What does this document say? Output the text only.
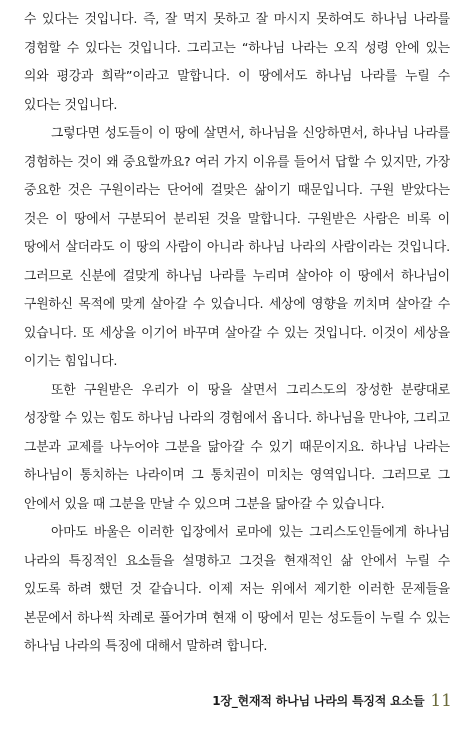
수 있다는 것입니다. 즉, 잘 먹지 못하고 잘 마시지 못하여도 하나님 나라를 경험할 수 있다는 것입니다. 그리고는 “하나님 나라는 오직 성령 안에 있는 의와 평강과 희락”이라고 말합니다. 이 땅에서도 하나님 나라를 누릴 수 있다는 것입니다.

그렇다면 성도들이 이 땅에 살면서, 하나님을 신앙하면서, 하나님 나라를 경험하는 것이 왜 중요할까요? 여러 가지 이유를 들어서 답할 수 있지만, 가장 중요한 것은 구원이라는 단어에 걸맞은 삶이기 때문입니다. 구원 받았다는 것은 이 땅에서 구분되어 분리된 것을 말합니다. 구원받은 사람은 비록 이 땅에서 살더라도 이 땅의 사람이 아니라 하나님 나라의 사람이라는 것입니다. 그러므로 신분에 걸맞게 하나님 나라를 누리며 살아야 이 땅에서 하나님이 구원하신 목적에 맞게 살아갈 수 있습니다. 세상에 영향을 끼치며 살아갈 수 있습니다. 또 세상을 이기어 바꾸며 살아갈 수 있는 것입니다. 이것이 세상을 이기는 힘입니다.

또한 구원받은 우리가 이 땅을 살면서 그리스도의 장성한 분량대로 성장할 수 있는 힘도 하나님 나라의 경험에서 옵니다. 하나님을 만나야, 그리고 그분과 교제를 나누어야 그분을 닮아갈 수 있기 때문이지요. 하나님 나라는 하나님이 통치하는 나라이며 그 통치권이 미치는 영역입니다. 그러므로 그 안에서 있을 때 그분을 만날 수 있으며 그분을 닮아갈 수 있습니다.

아마도 바울은 이러한 입장에서 로마에 있는 그리스도인들에게 하나님 나라의 특징적인 요소들을 설명하고 그것을 현재적인 삶 안에서 누릴 수 있도록 하려 했던 것 같습니다. 이제 저는 위에서 제기한 이러한 문제들을 본문에서 하나씩 차례로 풀어가며 현재 이 땅에서 믿는 성도들이 누릴 수 있는 하나님 나라의 특징에 대해서 말하려 합니다.

1장_현재적 하나님 나라의 특징적 요소들 11
